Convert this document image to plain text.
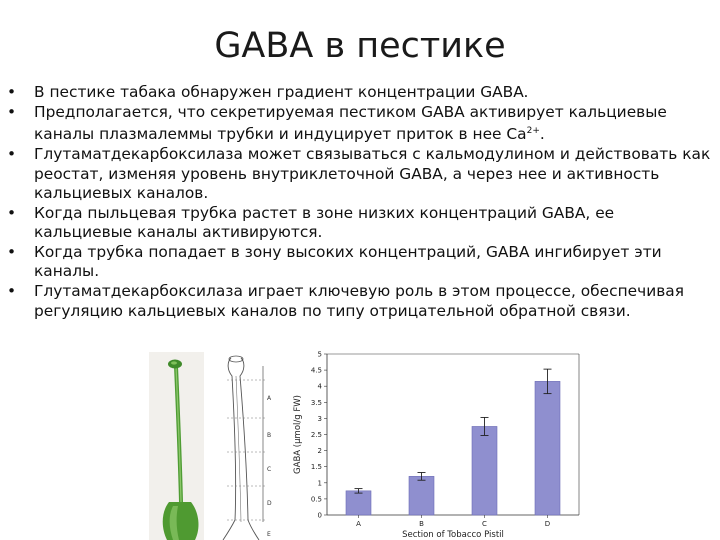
GABA в пестике
• В пестике табака обнаружен градиент концентрации GABA.
• Предполагается, что секретируемая пестиком GABA активирует кальциевые каналы плазмалеммы трубки и индуцирует приток в нее $Ca^{2+}$.
• Глутаматдекарбоксилаза может связываться с кальмодулином и действовать как реостат, изменяя уровень внутриклеточной GABA, а через нее и активность кальциевых каналов.
• Когда пыльцевая трубка растет в зоне низких концентраций GABA, ее кальциевые каналы активируются.
• Когда трубка попадает в зону высоких концентраций, GABA ингибирует эти каналы.
• Глутаматдекарбоксилаза играет ключевую роль в этом процессе, обеспечивая регуляцию кальциевых каналов по типу отрицательной обратной связи.
A
B
C
D
E
0
0.5
1
1.5
2
2.5
3
3.5
4
4.5
5
A	B	C	D
Section of Tobacco Pistil
GABA (µmol/g FW)
